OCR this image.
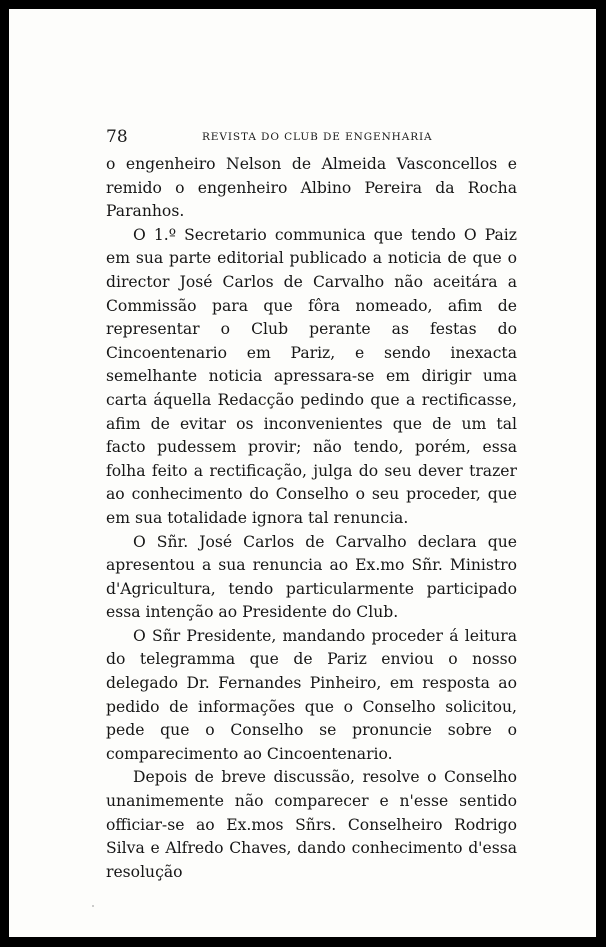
78	REVISTA DO CLUB DE ENGENHARIA

o engenheiro Nelson de Almeida Vasconcellos e remido o engenheiro Albino Pereira da Rocha Paranhos.

O 1.º Secretario communica que tendo O Paiz em sua parte editorial publicado a noticia de que o director José Carlos de Carvalho não aceitára a Commissão para que fôra nomeado, afim de representar o Club perante as festas do Cincoentenario em Pariz, e sendo inexacta semelhante noticia apressara-se em dirigir uma carta áquella Redacção pedindo que a rectificasse, afim de evitar os inconvenientes que de um tal facto pudessem provir; não tendo, porém, essa folha feito a rectificação, julga do seu dever trazer ao conhecimento do Conselho o seu proceder, que em sua totalidade ignora tal renuncia.

O Sñr. José Carlos de Carvalho declara que apresentou a sua renuncia ao Ex.mo Sñr. Ministro d'Agricultura, tendo particularmente participado essa intenção ao Presidente do Club.

O Sñr Presidente, mandando proceder á leitura do telegramma que de Pariz enviou o nosso delegado Dr. Fernandes Pinheiro, em resposta ao pedido de informações que o Conselho solicitou, pede que o Conselho se pronuncie sobre o comparecimento ao Cincoentenario.

Depois de breve discussão, resolve o Conselho unanimemente não comparecer e n'esse sentido officiar-se ao Ex.mos Sñrs. Conselheiro Rodrigo Silva e Alfredo Chaves, dando conhecimento d'essa resolução
